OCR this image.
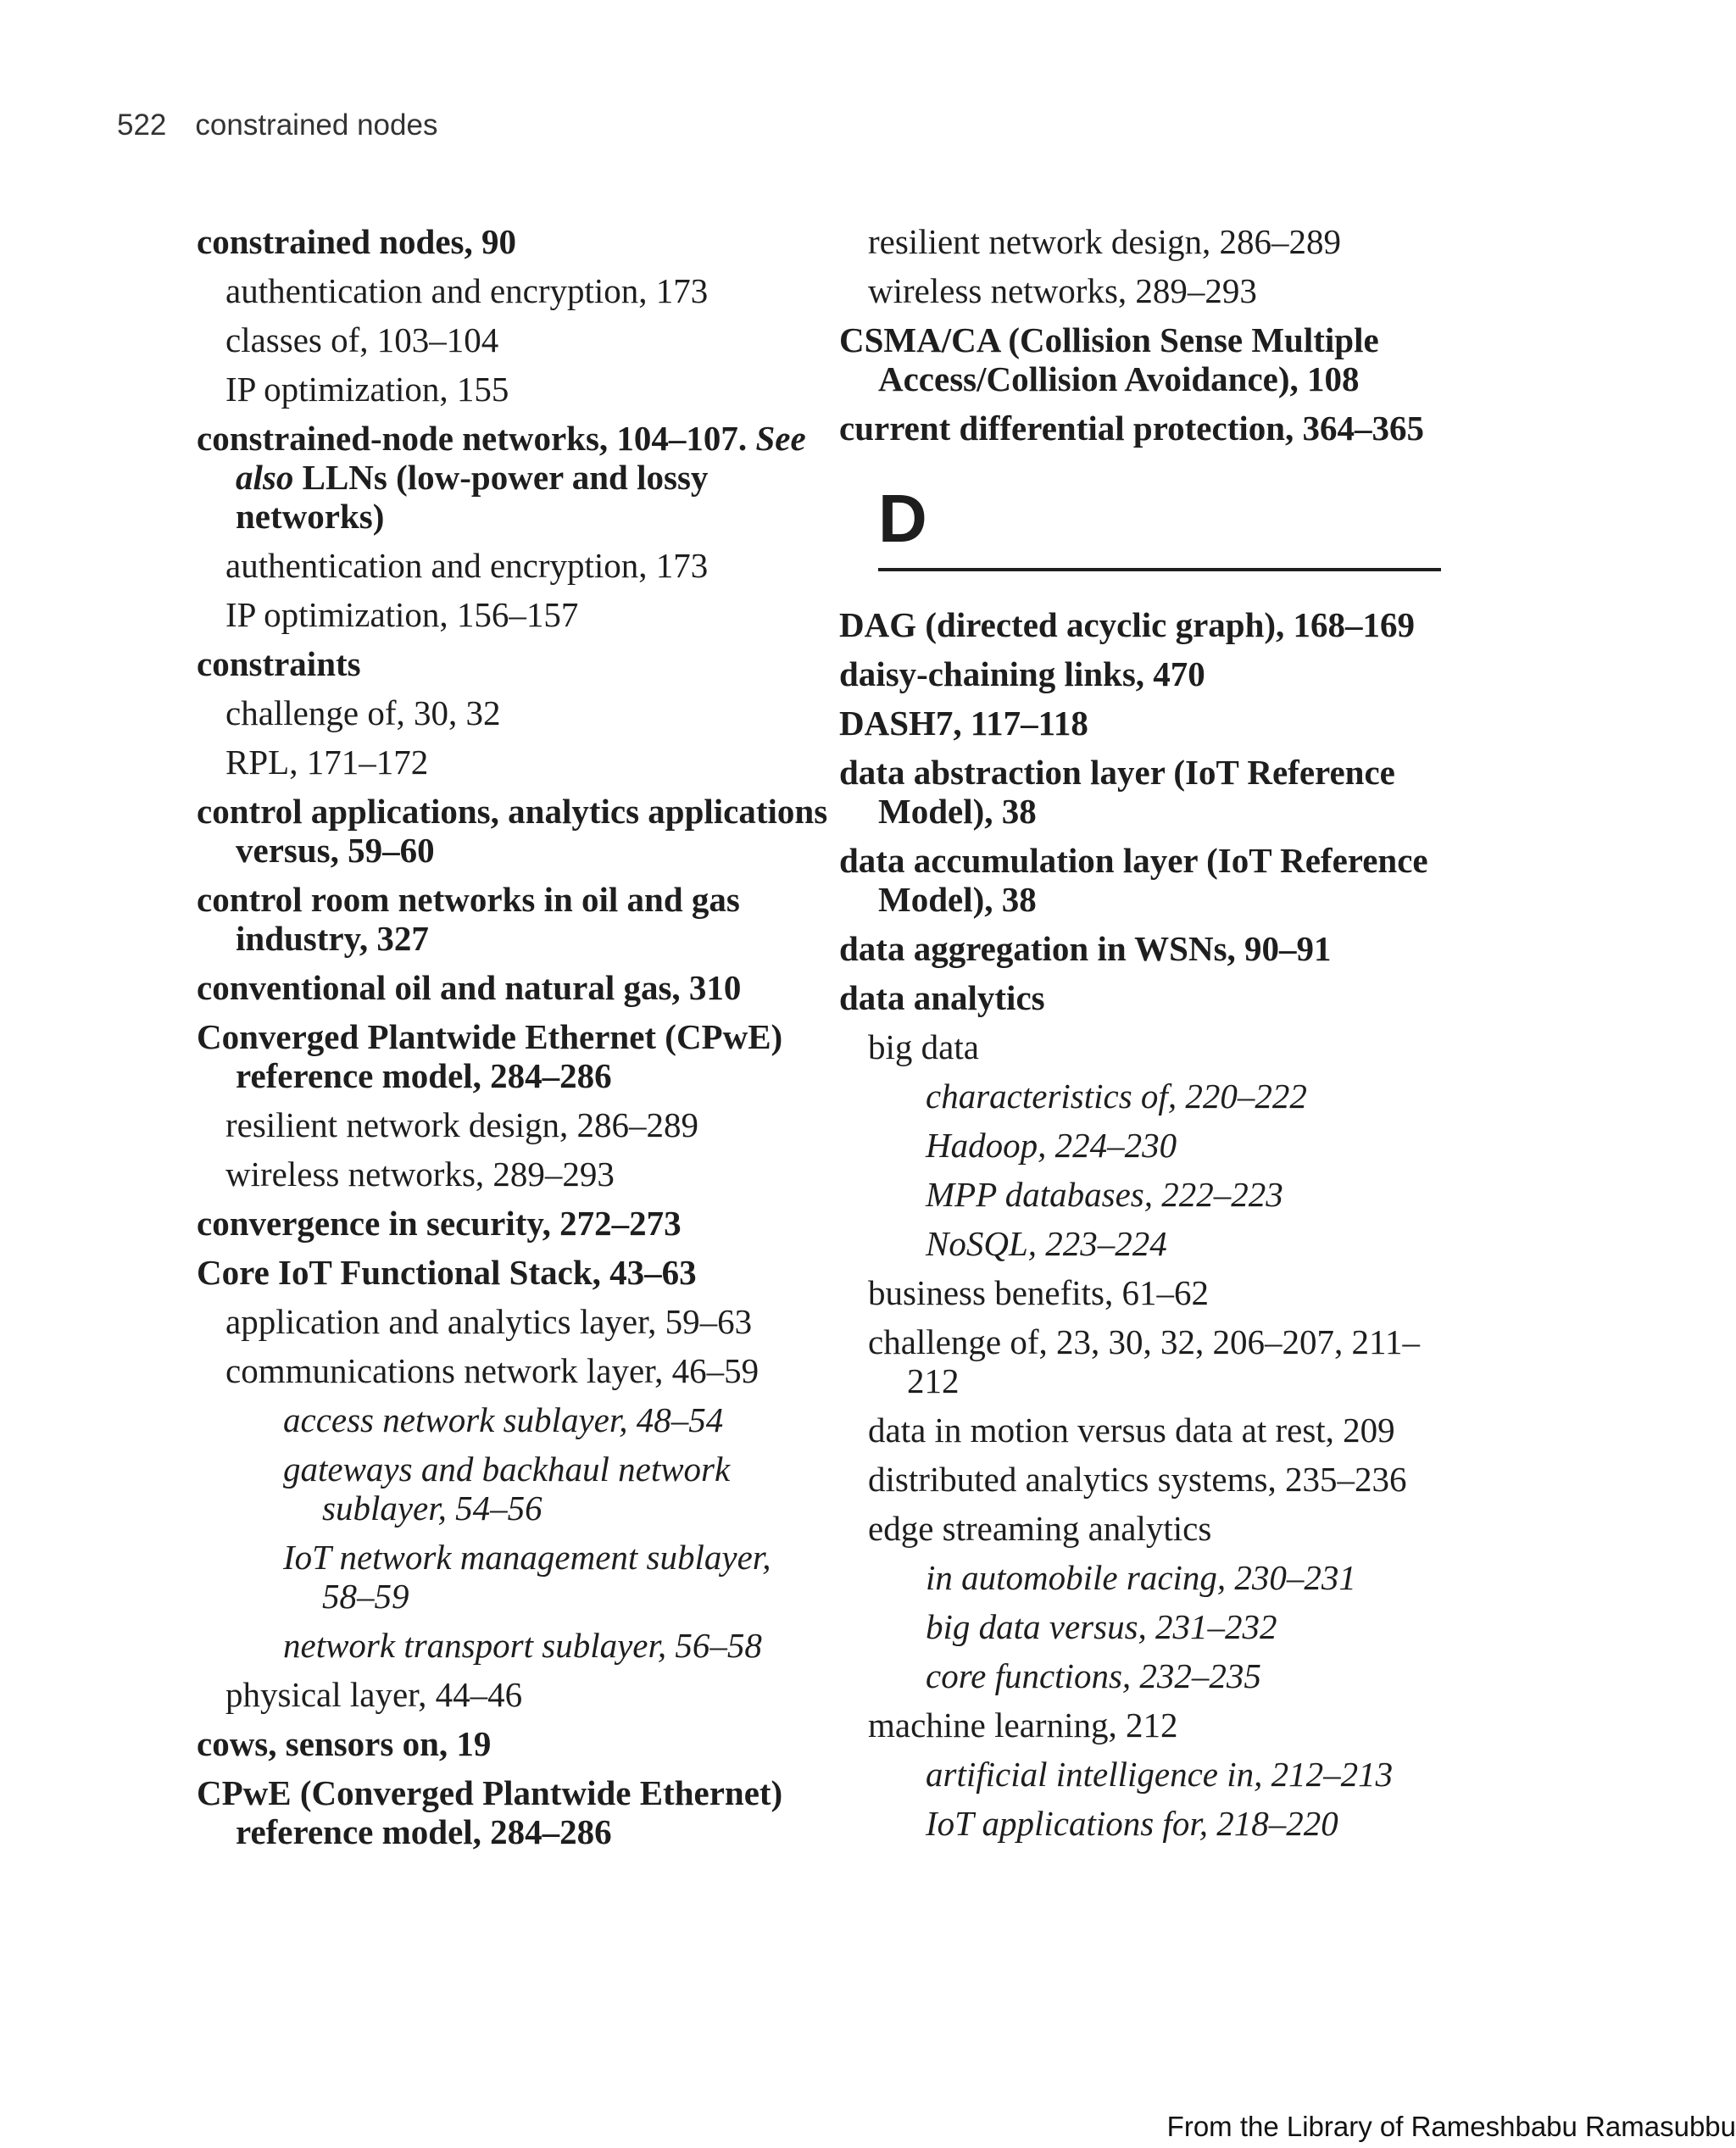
522 constrained nodes
constrained nodes, 90
authentication and encryption, 173
classes of, 103–104
IP optimization, 155
constrained-node networks, 104–107. See also LLNs (low-power and lossy networks)
authentication and encryption, 173
IP optimization, 156–157
constraints
challenge of, 30, 32
RPL, 171–172
control applications, analytics applications versus, 59–60
control room networks in oil and gas industry, 327
conventional oil and natural gas, 310
Converged Plantwide Ethernet (CPwE) reference model, 284–286
resilient network design, 286–289
wireless networks, 289–293
convergence in security, 272–273
Core IoT Functional Stack, 43–63
application and analytics layer, 59–63
communications network layer, 46–59
access network sublayer, 48–54
gateways and backhaul network sublayer, 54–56
IoT network management sublayer, 58–59
network transport sublayer, 56–58
physical layer, 44–46
cows, sensors on, 19
CPwE (Converged Plantwide Ethernet) reference model, 284–286
resilient network design, 286–289
wireless networks, 289–293
CSMA/CA (Collision Sense Multiple Access/Collision Avoidance), 108
current differential protection, 364–365
D
DAG (directed acyclic graph), 168–169
daisy-chaining links, 470
DASH7, 117–118
data abstraction layer (IoT Reference Model), 38
data accumulation layer (IoT Reference Model), 38
data aggregation in WSNs, 90–91
data analytics
big data
characteristics of, 220–222
Hadoop, 224–230
MPP databases, 222–223
NoSQL, 223–224
business benefits, 61–62
challenge of, 23, 30, 32, 206–207, 211–212
data in motion versus data at rest, 209
distributed analytics systems, 235–236
edge streaming analytics
in automobile racing, 230–231
big data versus, 231–232
core functions, 232–235
machine learning, 212
artificial intelligence in, 212–213
IoT applications for, 218–220
From the Library of Rameshbabu Ramasubbu
